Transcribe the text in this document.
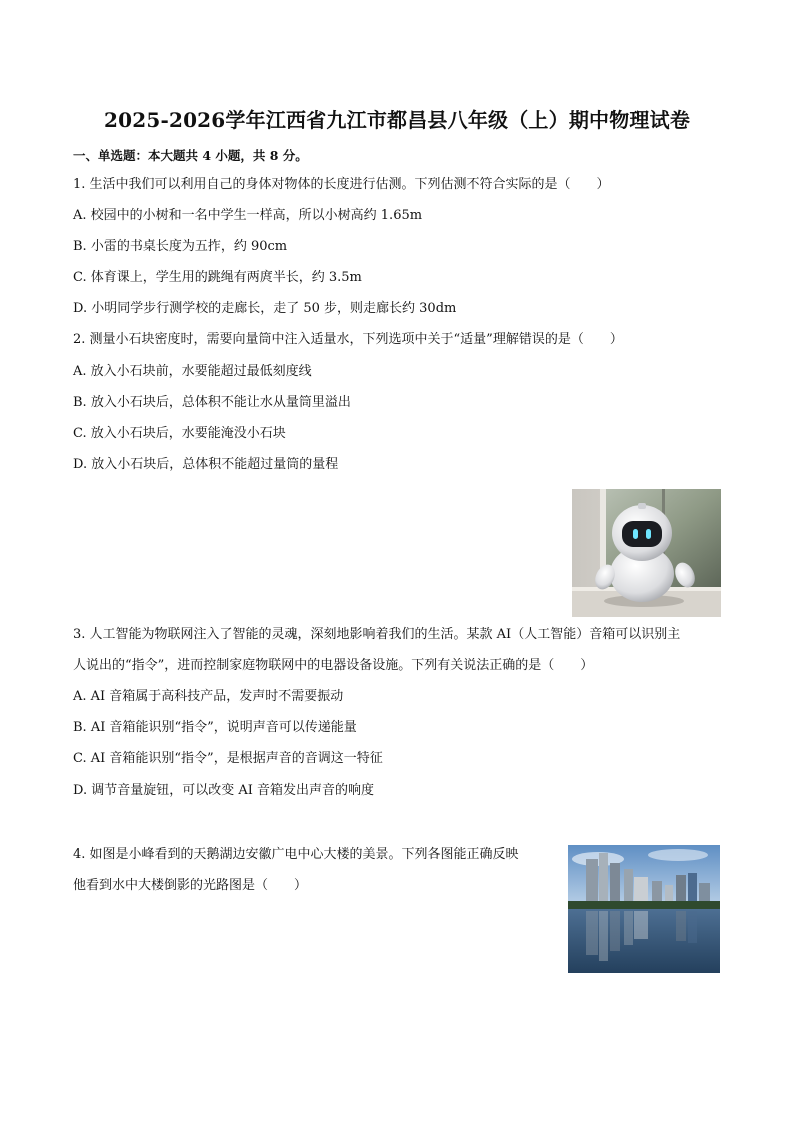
2025-2026学年江西省九江市都昌县八年级（上）期中物理试卷
一、单选题：本大题共 4 小题，共 8 分。
1. 生活中我们可以利用自己的身体对物体的长度进行估测。下列估测不符合实际的是（　　）
A. 校园中的小树和一名中学生一样高，所以小树高约 1.65m
B. 小雷的书桌长度为五拃，约 90cm
C. 体育课上，学生用的跳绳有两庹半长，约 3.5m
D. 小明同学步行测学校的走廊长，走了 50 步，则走廊长约 30dm
2. 测量小石块密度时，需要向量筒中注入适量水，下列选项中关于“适量”理解错误的是（　　）
A. 放入小石块前，水要能超过最低刻度线
B. 放入小石块后，总体积不能让水从量筒里溢出
C. 放入小石块后，水要能淹没小石块
D. 放入小石块后，总体积不能超过量筒的量程
3. 人工智能为物联网注入了智能的灵魂，深刻地影响着我们的生活。某款 AI（人工智能）音箱可以识别主
人说出的“指令”，进而控制家庭物联网中的电器设备设施。下列有关说法正确的是（　　）
A. AI 音箱属于高科技产品，发声时不需要振动
B. AI 音箱能识别“指令”，说明声音可以传递能量
C. AI 音箱能识别“指令”，是根据声音的音调这一特征
D. 调节音量旋钮，可以改变 AI 音箱发出声音的响度
4. 如图是小峰看到的天鹅湖边安徽广电中心大楼的美景。下列各图能正确反映
他看到水中大楼倒影的光路图是（　　）
